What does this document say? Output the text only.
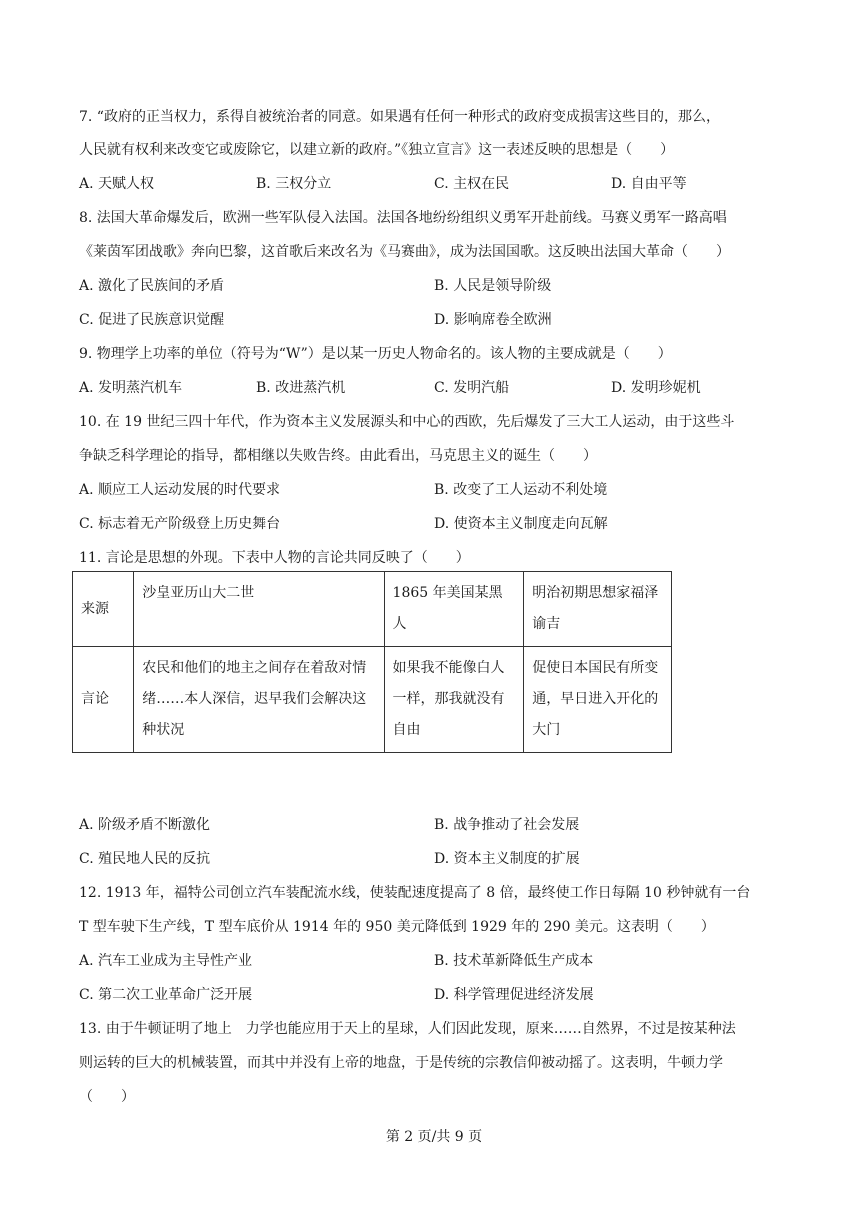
7. “政府的正当权力，系得自被统治者的同意。如果遇有任何一种形式的政府变成损害这些目的，那么，
人民就有权利来改变它或废除它，以建立新的政府。”《独立宣言》这一表述反映的思想是（　　）
A. 天赋人权	B. 三权分立	C. 主权在民	D. 自由平等
8. 法国大革命爆发后，欧洲一些军队侵入法国。法国各地纷纷组织义勇军开赴前线。马赛义勇军一路高唱
《莱茵军团战歌》奔向巴黎，这首歌后来改名为《马赛曲》，成为法国国歌。这反映出法国大革命（　　）
A. 激化了民族间的矛盾	B. 人民是领导阶级
C. 促进了民族意识觉醒	D. 影响席卷全欧洲
9. 物理学上功率的单位（符号为“W”）是以某一历史人物命名的。该人物的主要成就是（　　）
A. 发明蒸汽机车	B. 改进蒸汽机	C. 发明汽船	D. 发明珍妮机
10. 在 19 世纪三四十年代，作为资本主义发展源头和中心的西欧，先后爆发了三大工人运动，由于这些斗
争缺乏科学理论的指导，都相继以失败告终。由此看出，马克思主义的诞生（　　）
A. 顺应工人运动发展的时代要求	B. 改变了工人运动不利处境
C. 标志着无产阶级登上历史舞台	D. 使资本主义制度走向瓦解
11. 言论是思想的外现。下表中人物的言论共同反映了（　　）
来源	沙皇亚历山大二世	1865 年美国某黑人	明治初期思想家福泽谕吉
言论	农民和他们的地主之间存在着敌对情绪……本人深信，迟早我们会解决这种状况	如果我不能像白人一样，那我就没有自由	促使日本国民有所变通，早日进入开化的大门
A. 阶级矛盾不断激化	B. 战争推动了社会发展
C. 殖民地人民的反抗	D. 资本主义制度的扩展
12. 1913 年，福特公司创立汽车装配流水线，使装配速度提高了 8 倍，最终使工作日每隔 10 秒钟就有一台
T 型车驶下生产线，T 型车底价从 1914 年的 950 美元降低到 1929 年的 290 美元。这表明（　　）
A. 汽车工业成为主导性产业	B. 技术革新降低生产成本
C. 第二次工业革命广泛开展	D. 科学管理促进经济发展
13. 由于牛顿证明了地上　力学也能应用于天上的星球，人们因此发现，原来……自然界，不过是按某种法
则运转的巨大的机械装置，而其中并没有上帝的地盘，于是传统的宗教信仰被动摇了。这表明，牛顿力学
（　　）
第 2 页/共 9 页
